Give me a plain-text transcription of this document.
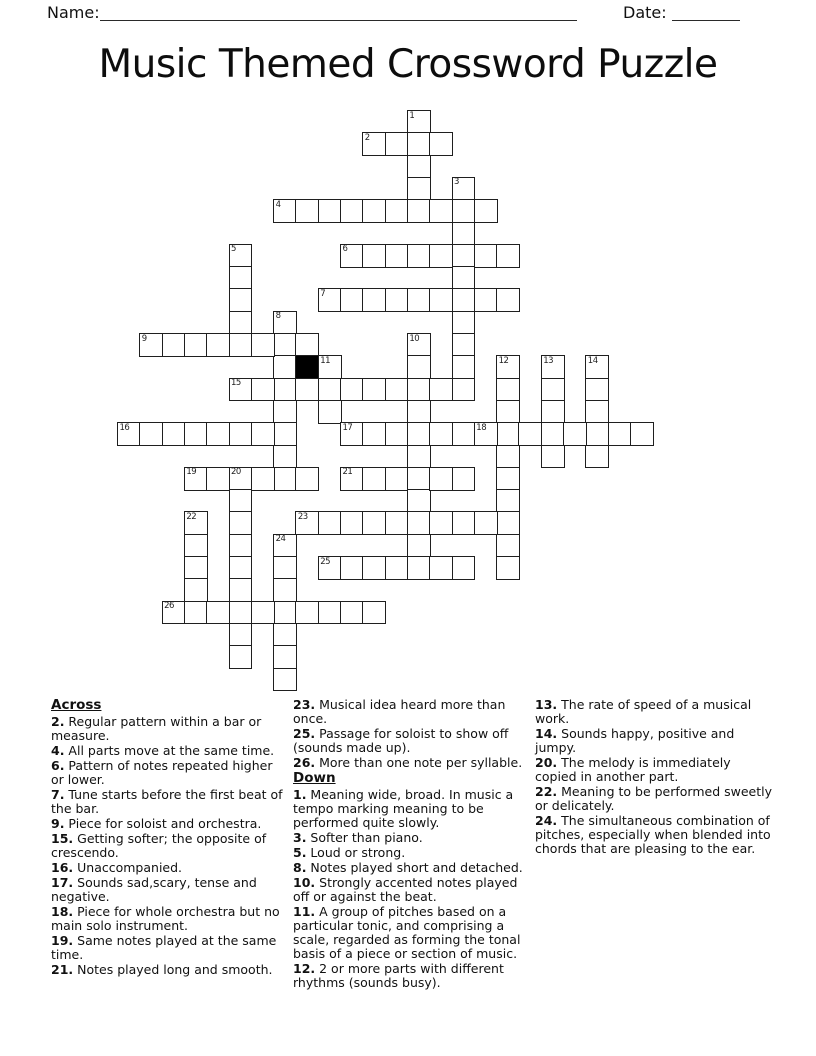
Name:	Date:
Music Themed Crossword Puzzle
1
2
3
4
5	6
7
8
9	10
11	12	13	14
15
16	17	18
19	20	21
22	23
24
25
26

Across

2. Regular pattern within a bar or measure.

4. All parts move at the same time.

6. Pattern of notes repeated higher or lower.

7. Tune starts before the first beat of the bar.

9. Piece for soloist and orchestra.

15. Getting softer; the opposite of crescendo.

16. Unaccompanied.

17. Sounds sad,scary, tense and negative.

18. Piece for whole orchestra but no main solo instrument.

19. Same notes played at the same time.

21. Notes played long and smooth.

23. Musical idea heard more than once.

25. Passage for soloist to show off (sounds made up).

26. More than one note per syllable.

Down

1. Meaning wide, broad. In music a tempo marking meaning to be performed quite slowly.

3. Softer than piano.

5. Loud or strong.

8. Notes played short and detached.

10. Strongly accented notes played off or against the beat.

11. A group of pitches based on a particular tonic, and comprising a scale, regarded as forming the tonal basis of a piece or section of music.

12. 2 or more parts with different rhythms (sounds busy).

13. The rate of speed of a musical work.

14. Sounds happy, positive and jumpy.

20. The melody is immediately copied in another part.

22. Meaning to be performed sweetly or delicately.

24. The simultaneous combination of pitches, especially when blended into chords that are pleasing to the ear.
